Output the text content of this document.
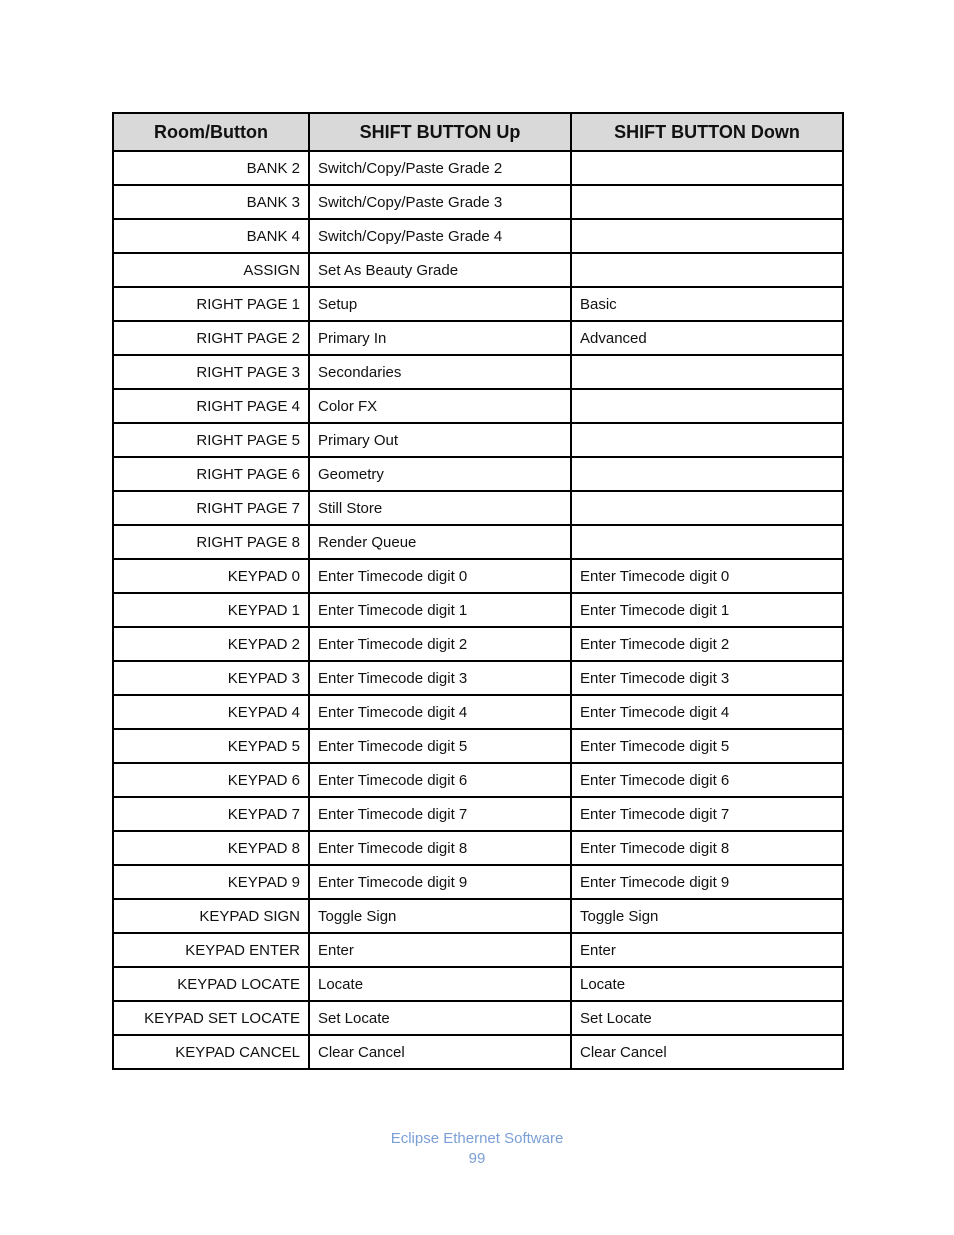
Room/Button	SHIFT BUTTON Up	SHIFT BUTTON Down
BANK 2	Switch/Copy/Paste Grade 2	
BANK 3	Switch/Copy/Paste Grade 3	
BANK 4	Switch/Copy/Paste Grade 4	
ASSIGN	Set As Beauty Grade	
RIGHT PAGE 1	Setup	Basic
RIGHT PAGE 2	Primary In	Advanced
RIGHT PAGE 3	Secondaries	
RIGHT PAGE 4	Color FX	
RIGHT PAGE 5	Primary Out	
RIGHT PAGE 6	Geometry	
RIGHT PAGE 7	Still Store	
RIGHT PAGE 8	Render Queue	
KEYPAD 0	Enter Timecode digit 0	Enter Timecode digit 0
KEYPAD 1	Enter Timecode digit 1	Enter Timecode digit 1
KEYPAD 2	Enter Timecode digit 2	Enter Timecode digit 2
KEYPAD 3	Enter Timecode digit 3	Enter Timecode digit 3
KEYPAD 4	Enter Timecode digit 4	Enter Timecode digit 4
KEYPAD 5	Enter Timecode digit 5	Enter Timecode digit 5
KEYPAD 6	Enter Timecode digit 6	Enter Timecode digit 6
KEYPAD 7	Enter Timecode digit 7	Enter Timecode digit 7
KEYPAD 8	Enter Timecode digit 8	Enter Timecode digit 8
KEYPAD 9	Enter Timecode digit 9	Enter Timecode digit 9
KEYPAD SIGN	Toggle Sign	Toggle Sign
KEYPAD ENTER	Enter	Enter
KEYPAD LOCATE	Locate	Locate
KEYPAD SET LOCATE	Set Locate	Set Locate
KEYPAD CANCEL	Clear Cancel	Clear Cancel
Eclipse Ethernet Software
99
